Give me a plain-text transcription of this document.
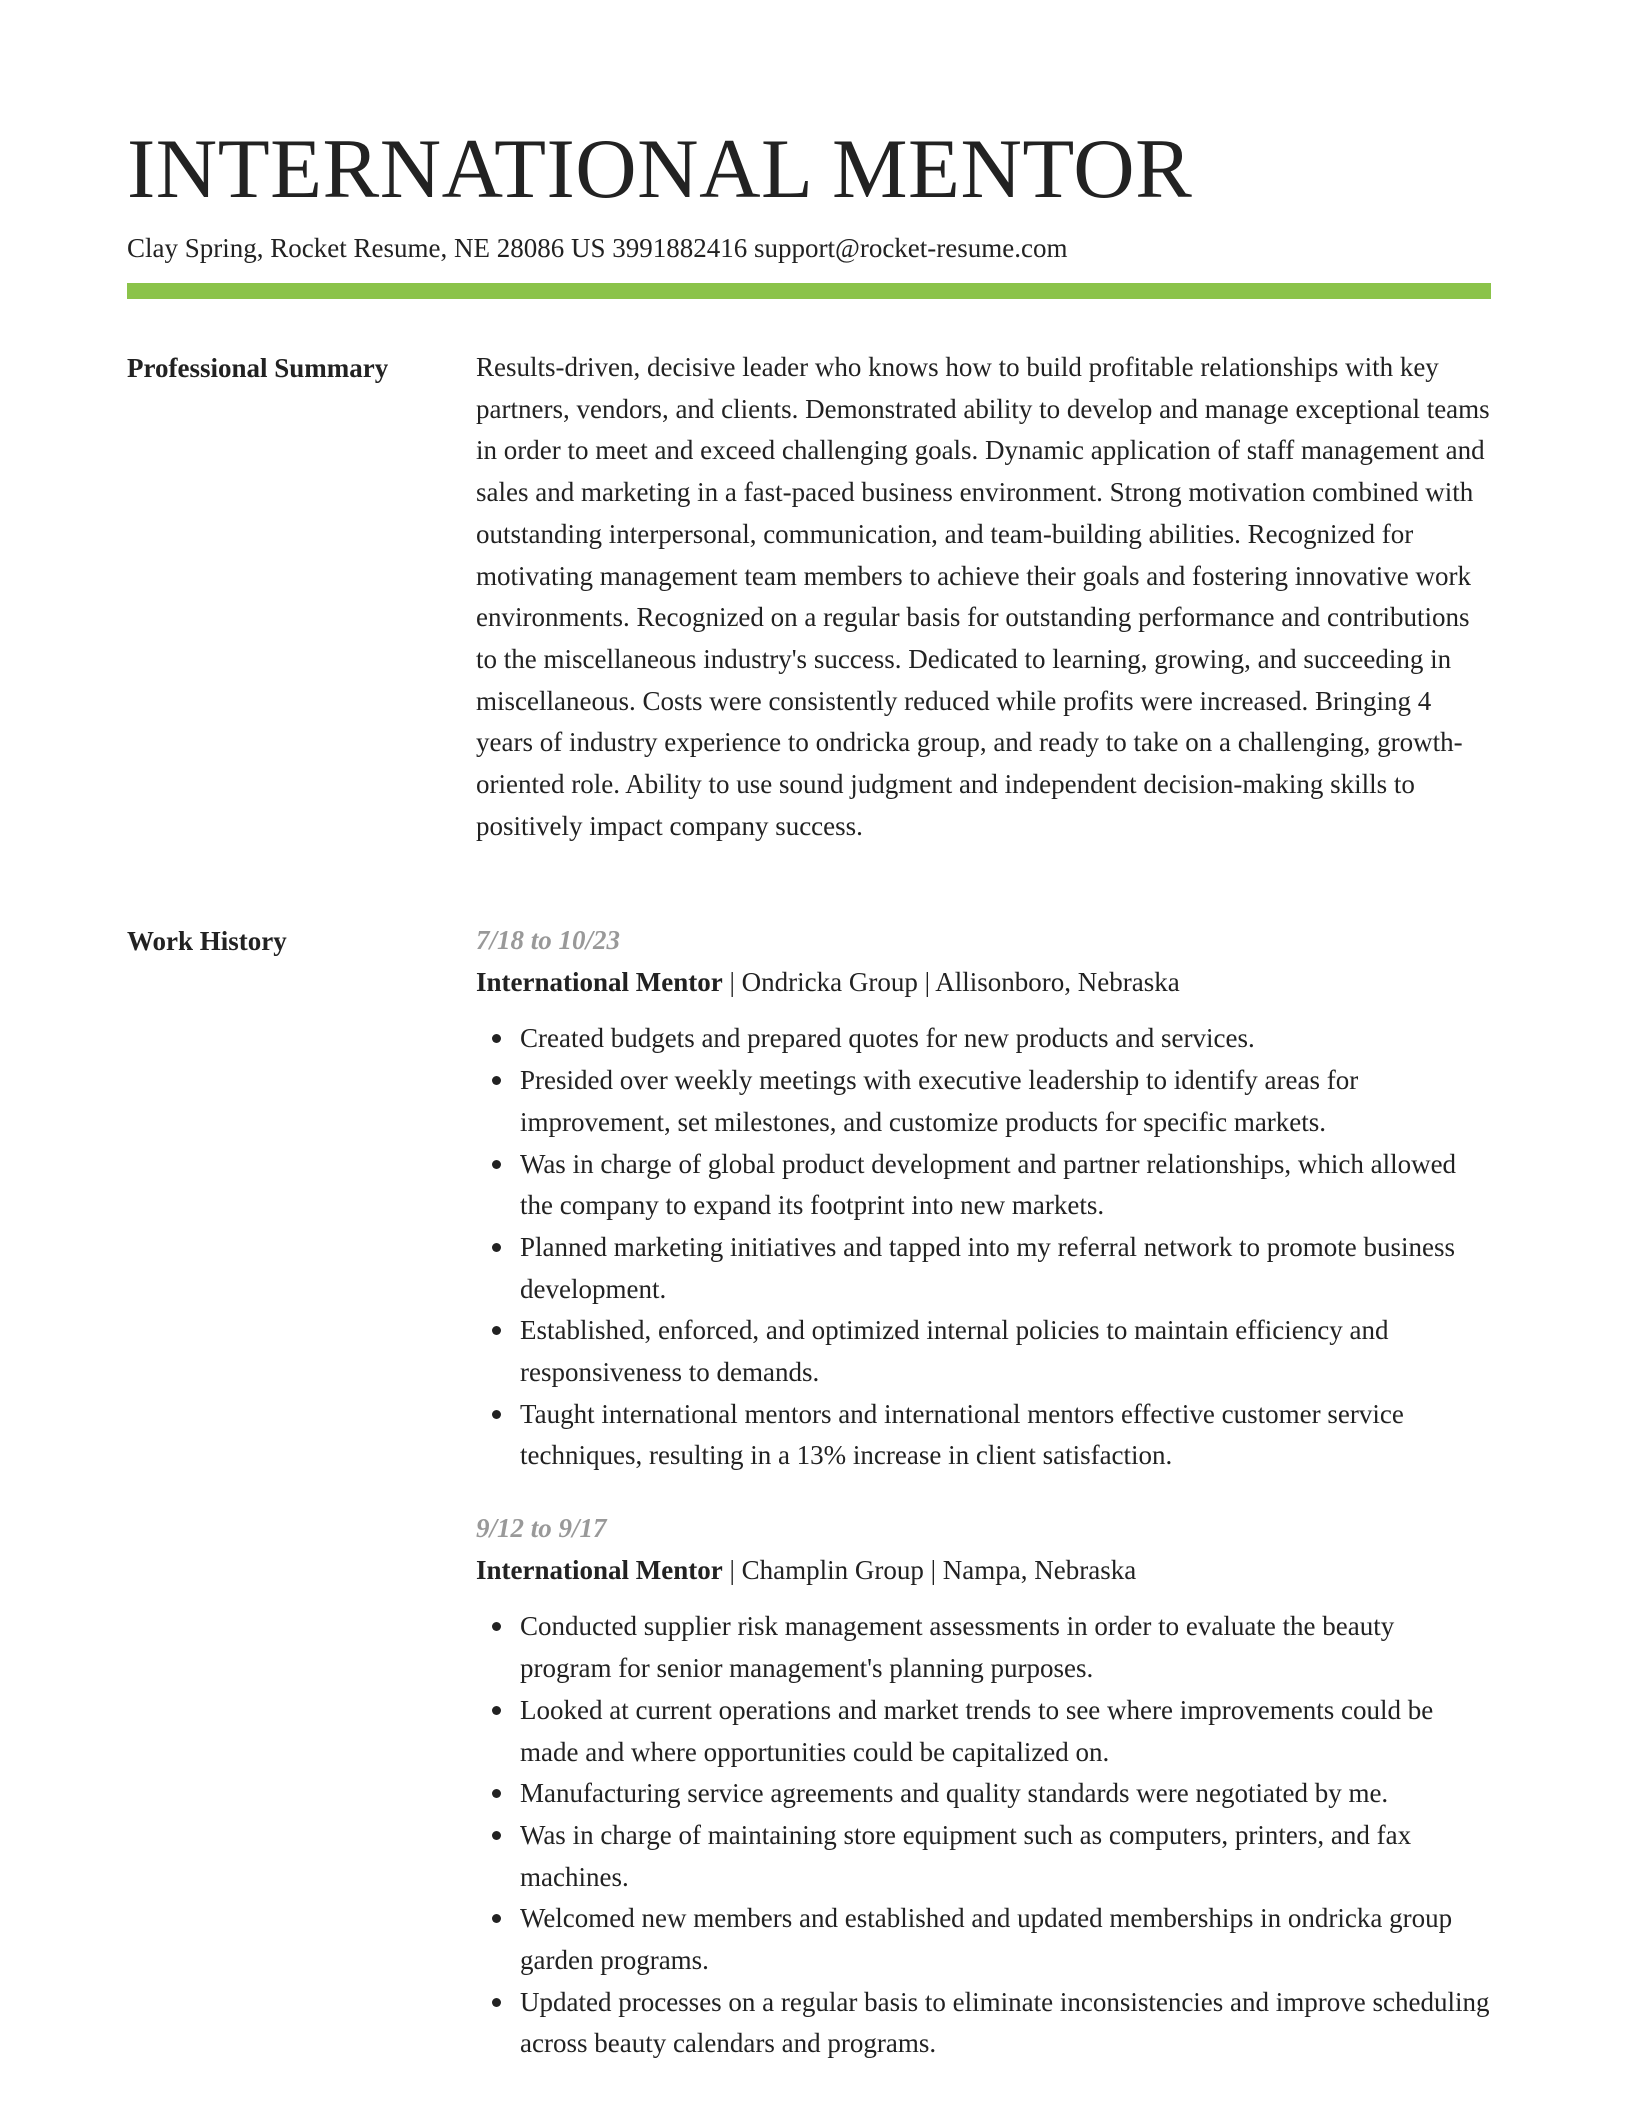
INTERNATIONAL MENTOR
Clay Spring, Rocket Resume, NE 28086 US 3991882416 support@rocket-resume.com
Professional Summary	Results-driven, decisive leader who knows how to build profitable relationships with key partners, vendors, and clients. Demonstrated ability to develop and manage exceptional teams in order to meet and exceed challenging goals. Dynamic application of staff management and sales and marketing in a fast-paced business environment. Strong motivation combined with outstanding interpersonal, communication, and team-building abilities. Recognized for motivating management team members to achieve their goals and fostering innovative work environments. Recognized on a regular basis for outstanding performance and contributions to the miscellaneous industry's success. Dedicated to learning, growing, and succeeding in miscellaneous. Costs were consistently reduced while profits were increased. Bringing 4 years of industry experience to ondricka group, and ready to take on a challenging, growth-oriented role. Ability to use sound judgment and independent decision-making skills to positively impact company success.

Work History	7/18 to 10/23

International Mentor | Ondricka Group | Allisonboro, Nebraska

Created budgets and prepared quotes for new products and services.
Presided over weekly meetings with executive leadership to identify areas for improvement, set milestones, and customize products for specific markets.
Was in charge of global product development and partner relationships, which allowed the company to expand its footprint into new markets.
Planned marketing initiatives and tapped into my referral network to promote business development.
Established, enforced, and optimized internal policies to maintain efficiency and responsiveness to demands.
Taught international mentors and international mentors effective customer service techniques, resulting in a 13% increase in client satisfaction.

9/12 to 9/17

International Mentor | Champlin Group | Nampa, Nebraska

Conducted supplier risk management assessments in order to evaluate the beauty program for senior management's planning purposes.
Looked at current operations and market trends to see where improvements could be made and where opportunities could be capitalized on.
Manufacturing service agreements and quality standards were negotiated by me.
Was in charge of maintaining store equipment such as computers, printers, and fax machines.
Welcomed new members and established and updated memberships in ondricka group garden programs.
Updated processes on a regular basis to eliminate inconsistencies and improve scheduling across beauty calendars and programs.
